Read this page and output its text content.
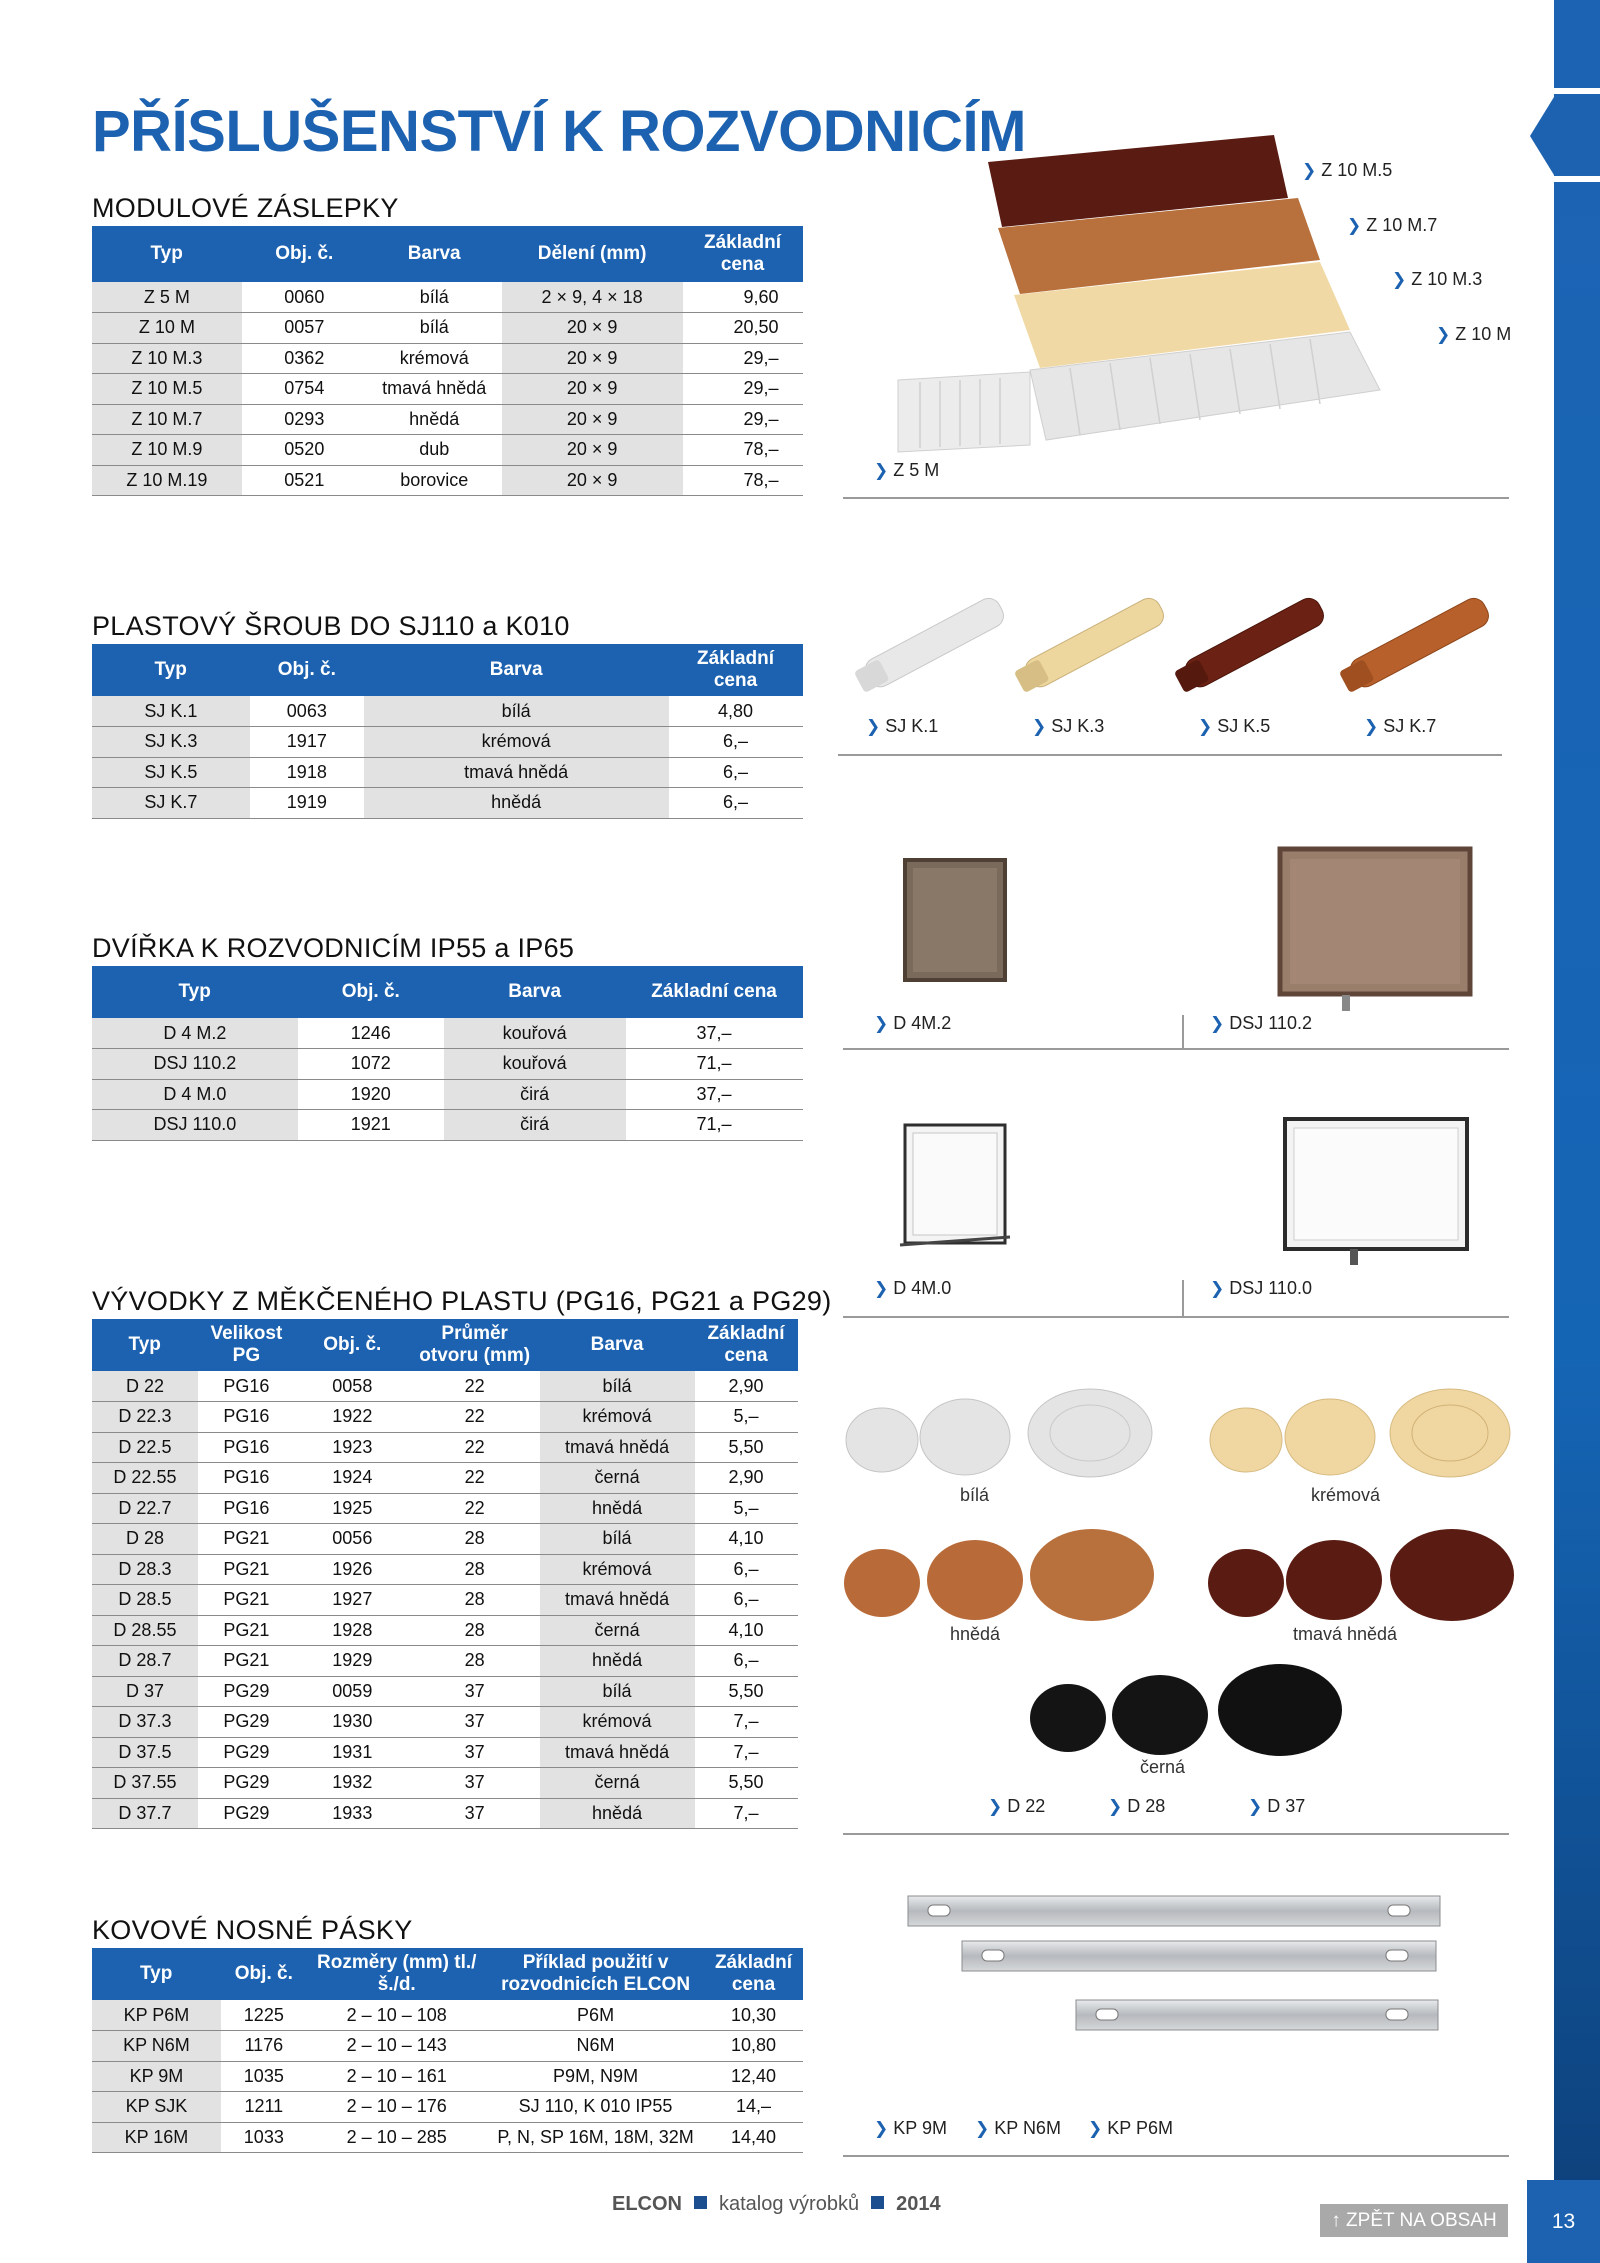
PŘÍSLUŠENSTVÍ K ROZVODNICÍM
MODULOVÉ ZÁSLEPKY
Typ	Obj. č.	Barva	Dělení (mm)	Základní cena
Z 5 M	0060	bílá	2 × 9, 4 × 18	9,60
Z 10 M	0057	bílá	20 × 9	20,50
Z 10 M.3	0362	krémová	20 × 9	29,–
Z 10 M.5	0754	tmavá hnědá	20 × 9	29,–
Z 10 M.7	0293	hnědá	20 × 9	29,–
Z 10 M.9	0520	dub	20 × 9	78,–
Z 10 M.19	0521	borovice	20 × 9	78,–
❯ Z 10 M.5
❯ Z 10 M.7
❯ Z 10 M.3
❯ Z 10 M
❯ Z 5 M
PLASTOVÝ ŠROUB DO SJ110 a K010
Typ	Obj. č.	Barva	Základní cena
SJ K.1	0063	bílá	4,80
SJ K.3	1917	krémová	6,–
SJ K.5	1918	tmavá hnědá	6,–
SJ K.7	1919	hnědá	6,–
❯ SJ K.1	❯ SJ K.3	❯ SJ K.5	❯ SJ K.7
DVÍŘKA K ROZVODNICÍM IP55 a IP65
Typ	Obj. č.	Barva	Základní cena
D 4 M.2	1246	kouřová	37,–
DSJ 110.2	1072	kouřová	71,–
D 4 M.0	1920	čirá	37,–
DSJ 110.0	1921	čirá	71,–
❯ D 4M.2	❯ DSJ 110.2
❯ D 4M.0	❯ DSJ 110.0
VÝVODKY Z MĚKČENÉHO PLASTU (PG16, PG21 a PG29)
Typ	Velikost PG	Obj. č.	Průměr otvoru (mm)	Barva	Základní cena
D 22	PG16	0058	22	bílá	2,90
D 22.3	PG16	1922	22	krémová	5,–
D 22.5	PG16	1923	22	tmavá hnědá	5,50
D 22.55	PG16	1924	22	černá	2,90
D 22.7	PG16	1925	22	hnědá	5,–
D 28	PG21	0056	28	bílá	4,10
D 28.3	PG21	1926	28	krémová	6,–
D 28.5	PG21	1927	28	tmavá hnědá	6,–
D 28.55	PG21	1928	28	černá	4,10
D 28.7	PG21	1929	28	hnědá	6,–
D 37	PG29	0059	37	bílá	5,50
D 37.3	PG29	1930	37	krémová	7,–
D 37.5	PG29	1931	37	tmavá hnědá	7,–
D 37.55	PG29	1932	37	černá	5,50
D 37.7	PG29	1933	37	hnědá	7,–
bílá	krémová
hnědá	tmavá hnědá
černá
❯ D 22	❯ D 28	❯ D 37
KOVOVÉ NOSNÉ PÁSKY
Typ	Obj. č.	Rozměry (mm) tl./š./d.	Příklad použití v rozvodnicích ELCON	Základní cena
KP P6M	1225	2 – 10 – 108	P6M	10,30
KP N6M	1176	2 – 10 – 143	N6M	10,80
KP 9M	1035	2 – 10 – 161	P9M, N9M	12,40
KP SJK	1211	2 – 10 – 176	SJ 110, K 010 IP55	14,–
KP 16M	1033	2 – 10 – 285	P, N, SP 16M, 18M, 32M	14,40	❯ KP 9M ❯ KP N6M ❯ KP P6M
ELCON katalog výrobků 2014
↑ ZPĚT NA OBSAH	13
